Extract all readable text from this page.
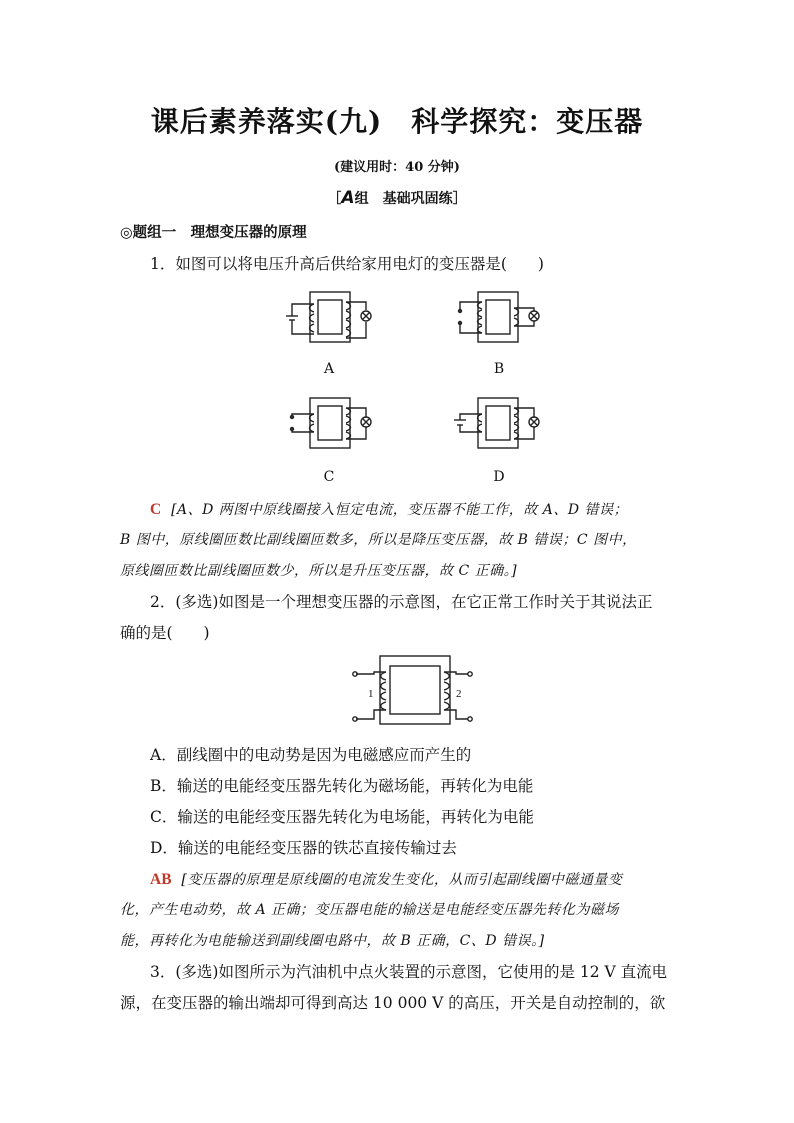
课后素养落实(九)　科学探究：变压器
(建议用时：40 分钟)
［A组　基础巩固练］
◎题组一　理想变压器的原理
1．如图可以将电压升高后供给家用电灯的变压器是(　　)
A	B
C	D
C [A、D 两图中原线圈接入恒定电流，变压器不能工作，故 A、D 错误；
B 图中，原线圈匝数比副线圈匝数多，所以是降压变压器，故 B 错误；C 图中，
原线圈匝数比副线圈匝数少，所以是升压变压器，故 C 正确。]
2．(多选)如图是一个理想变压器的示意图，在它正常工作时关于其说法正
确的是(　　)
1	2
A．副线圈中的电动势是因为电磁感应而产生的
B．输送的电能经变压器先转化为磁场能，再转化为电能
C．输送的电能经变压器先转化为电场能，再转化为电能
D．输送的电能经变压器的铁芯直接传输过去
AB [变压器的原理是原线圈的电流发生变化，从而引起副线圈中磁通量变
化，产生电动势，故 A 正确；变压器电能的输送是电能经变压器先转化为磁场
能，再转化为电能输送到副线圈电路中，故 B 正确，C、D 错误。]
3．(多选)如图所示为汽油机中点火装置的示意图，它使用的是 12 V 直流电
源，在变压器的输出端却可得到高达 10 000 V 的高压，开关是自动控制的，欲
